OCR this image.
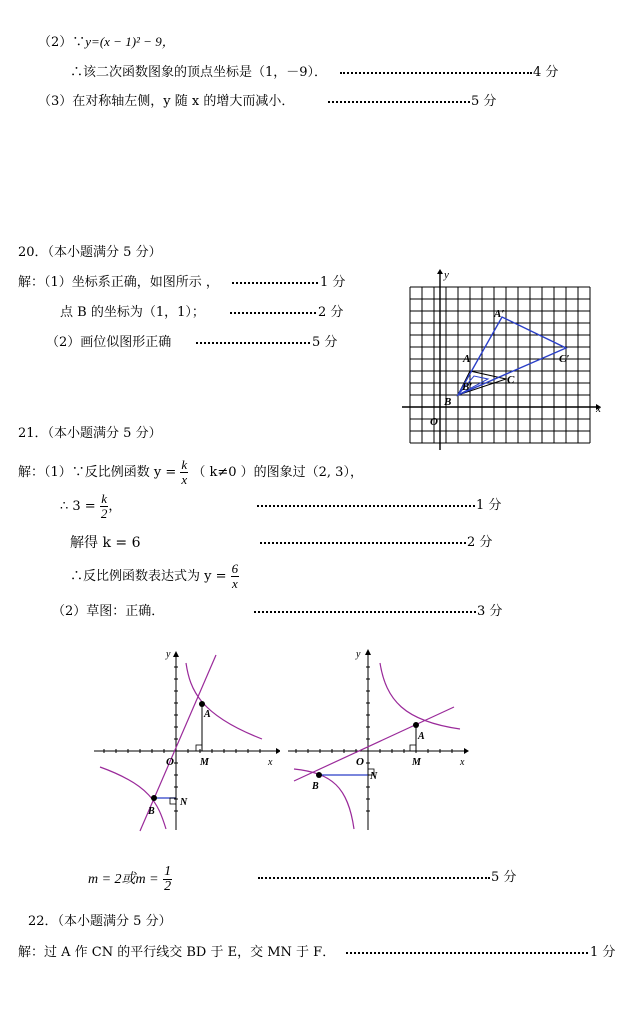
（2）∵y=(x − 1)² − 9，
∴该二次函数图象的顶点坐标是（1，－9）．	4 分
（3）在对称轴左侧，y 随 x 的增大而减小．	5 分
20．（本小题满分 5 分）
解：（1）坐标系正确，如图所示 ，	1 分
点 B 的坐标为（1，1）；	2 分
（2）画位似图形正确	5 分
y
x
O
A
A′
B
B′
C
C′
21．（本小题满分 5 分）
解：（1）∵反比例函数 $y = \frac{k}{x}$ （ k≠0 ）的图象过（2, 3），
∴ $3 = \frac{k}{2}$ ，	1 分
解得 k = 6	2 分
∴反比例函数表达式为 $y = \frac{6}{x}$
（2）草图：正确．	3 分
y
x
O
A
M
B
N
y
x
O
A
M
B
N
m = 2或$m = \frac{1}{2}$	5 分
22．（本小题满分 5 分）
解：过 A 作 CN 的平行线交 BD 于 E，交 MN 于 F．	1 分
